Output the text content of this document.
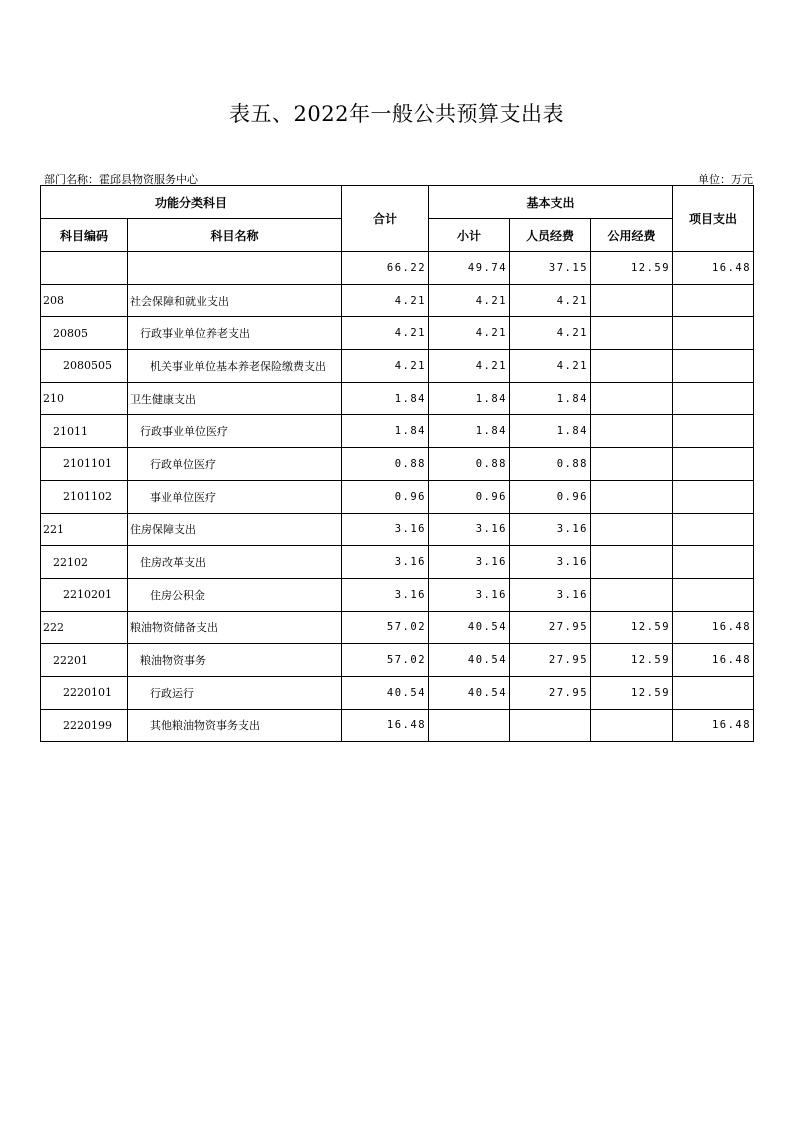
表五、2022年一般公共预算支出表
部门名称：霍邱县物资服务中心	单位：万元
功能分类科目		合计	基本支出			项目支出
科目编码	科目名称		小计	人员经费	公用经费	
		66.22	49.74	37.15	12.59	16.48
208	社会保障和就业支出	4.21	4.21	4.21		
20805	行政事业单位养老支出	4.21	4.21	4.21		
2080505	机关事业单位基本养老保险缴费支出	4.21	4.21	4.21		
210	卫生健康支出	1.84	1.84	1.84		
21011	行政事业单位医疗	1.84	1.84	1.84		
2101101	行政单位医疗	0.88	0.88	0.88		
2101102	事业单位医疗	0.96	0.96	0.96		
221	住房保障支出	3.16	3.16	3.16		
22102	住房改革支出	3.16	3.16	3.16		
2210201	住房公积金	3.16	3.16	3.16		
222	粮油物资储备支出	57.02	40.54	27.95	12.59	16.48
22201	粮油物资事务	57.02	40.54	27.95	12.59	16.48
2220101	行政运行	40.54	40.54	27.95	12.59	
2220199	其他粮油物资事务支出	16.48				16.48
